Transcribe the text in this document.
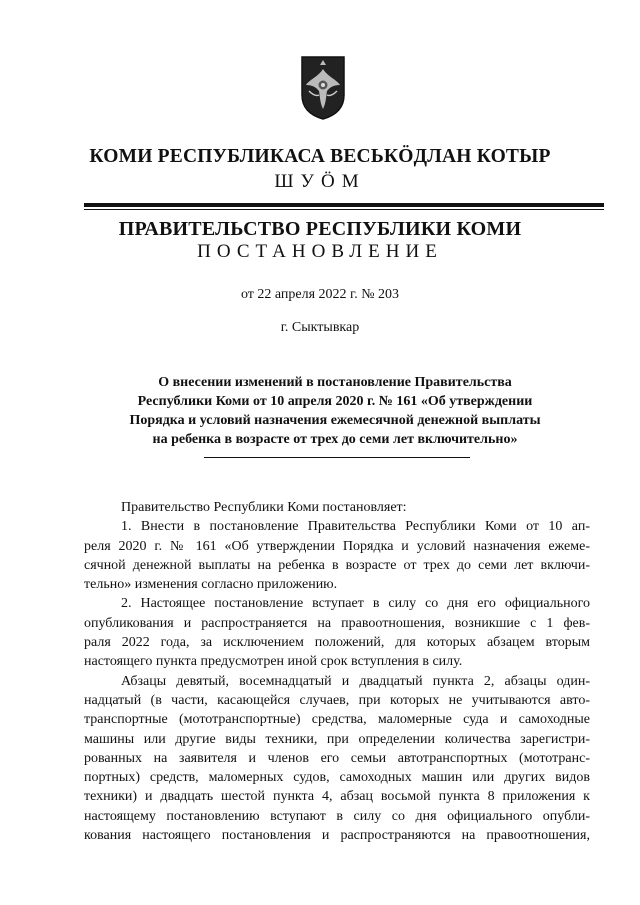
КОМИ РЕСПУБЛИКАСА ВЕСЬКӦДЛАН КОТЫР
ШУӦМ
ПРАВИТЕЛЬСТВО РЕСПУБЛИКИ КОМИ
ПОСТАНОВЛЕНИЕ
от 22 апреля 2022 г. № 203
г. Сыктывкар
О внесении изменений в постановление Правительства
Республики Коми от 10 апреля 2020 г. № 161 «Об утверждении
Порядка и условий назначения ежемесячной денежной выплаты
на ребенка в возрасте от трех до семи лет включительно»
Правительство Республики Коми постановляет:
1. Внести в постановление Правительства Республики Коми от 10 ап-
реля 2020 г. № 161 «Об утверждении Порядка и условий назначения ежеме-
сячной денежной выплаты на ребенка в возрасте от трех до семи лет включи-
тельно» изменения согласно приложению.
2. Настоящее постановление вступает в силу со дня его официального
опубликования и распространяется на правоотношения, возникшие с 1 фев-
раля 2022 года, за исключением положений, для которых абзацем вторым
настоящего пункта предусмотрен иной срок вступления в силу.
Абзацы девятый, восемнадцатый и двадцатый пункта 2, абзацы один-
надцатый (в части, касающейся случаев, при которых не учитываются авто-
транспортные (мототранспортные) средства, маломерные суда и самоходные
машины или другие виды техники, при определении количества зарегистри-
рованных на заявителя и членов его семьи автотранспортных (мототранс-
портных) средств, маломерных судов, самоходных машин или других видов
техники) и двадцать шестой пункта 4, абзац восьмой пункта 8 приложения к
настоящему постановлению вступают в силу со дня официального опубли-
кования настоящего постановления и распространяются на правоотношения,
